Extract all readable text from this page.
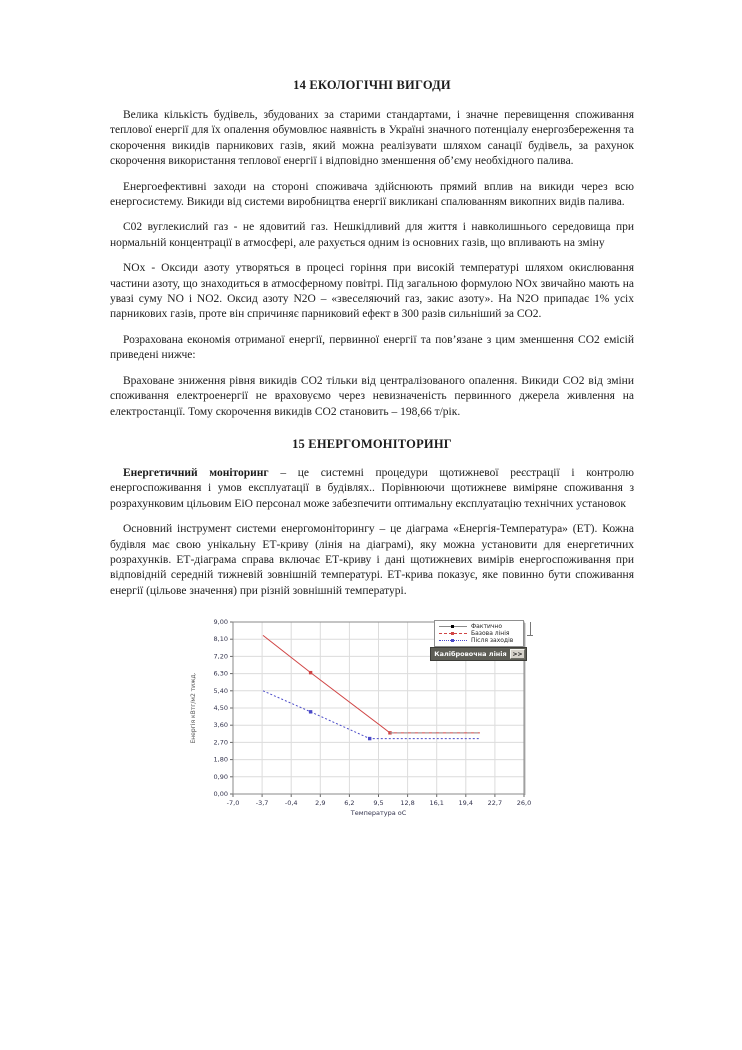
14 ЕКОЛОГІЧНІ ВИГОДИ

Велика кількість будівель, збудованих за старими стандартами, і значне перевищення споживання теплової енергії для їх опалення обумовлює наявність в Україні значного потенціалу енергозбереження та скорочення викидів парникових газів, який можна реалізувати шляхом санації будівель, за рахунок скорочення використання теплової енергії і відповідно зменшення об’єму необхідного палива.

Енергоефективні заходи на стороні споживача здійснюють прямий вплив на викиди через всю енергосистему. Викиди від системи виробництва енергії викликані спалюванням викопних видів палива.

С02 вуглекислий газ - не ядовитий газ. Нешкідливий для життя і навколишнього середовища при нормальній концентрації в атмосфері, але рахується одним із основних газів, що впливають на зміну

NОх - Оксиди азоту утворяться в процесі горіння при високій температурі шляхом окислювання частини азоту, що знаходиться в атмосферному повітрі. Під загальною формулою NОх звичайно мають на увазі суму NО і NО2. Оксид азоту N2О – «звеселяючий газ, закис азоту». На N2О припадає 1% усіх парникових газів, проте він спричиняє парниковий ефект в 300 разів сильніший за СО2.

Розрахована економія отриманої енергії, первинної енергії та пов’язане з цим зменшення СО2 емісій приведені нижче:

Враховане зниження рівня викидів СО2 тільки від централізованого опалення. Викиди СО2 від зміни споживання електроенергії не враховуємо через невизначеність первинного джерела живлення на електростанції. Тому скорочення викидів СО2 становить – 198,66 т/рік.

15 ЕНЕРГОМОНІТОРИНГ

Енергетичний моніторинг – це системні процедури щотижневої реєстрації і контролю енергоспоживання і умов експлуатації в будівлях.. Порівнюючи щотижневе виміряне споживання з розрахунковим цільовим ЕіО персонал може забезпечити оптимальну експлуатацію технічних установок

Основний інструмент системи енергомоніторингу – це діаграма «Енергія-Температура» (ЕТ). Кожна будівля має свою унікальну ЕТ-криву (лінія на діаграмі), яку можна установити для енергетичних розрахунків. ЕТ-діаграма справа включає ЕТ-криву і дані щотижневих вимірів енергоспоживання при відповідній середній тижневій зовнішній температурі. ЕТ-крива показує, яке повинно бути споживання енергії (цільове значення) при різній зовнішній температурі.

-7,0	-3,7	-0,4	2,9	6,2	9,5	12,8 16,1 19,4 22,7 26,0
0,00
0,90
1,80
2,70
3,60
4,50
5,40
6,30
7,20
8,10
9,00
Температура оС
Енергія кВтг/м2 тижд.
Фактично
Базова лінія
Після заходів
Калібровочна лінія >>
